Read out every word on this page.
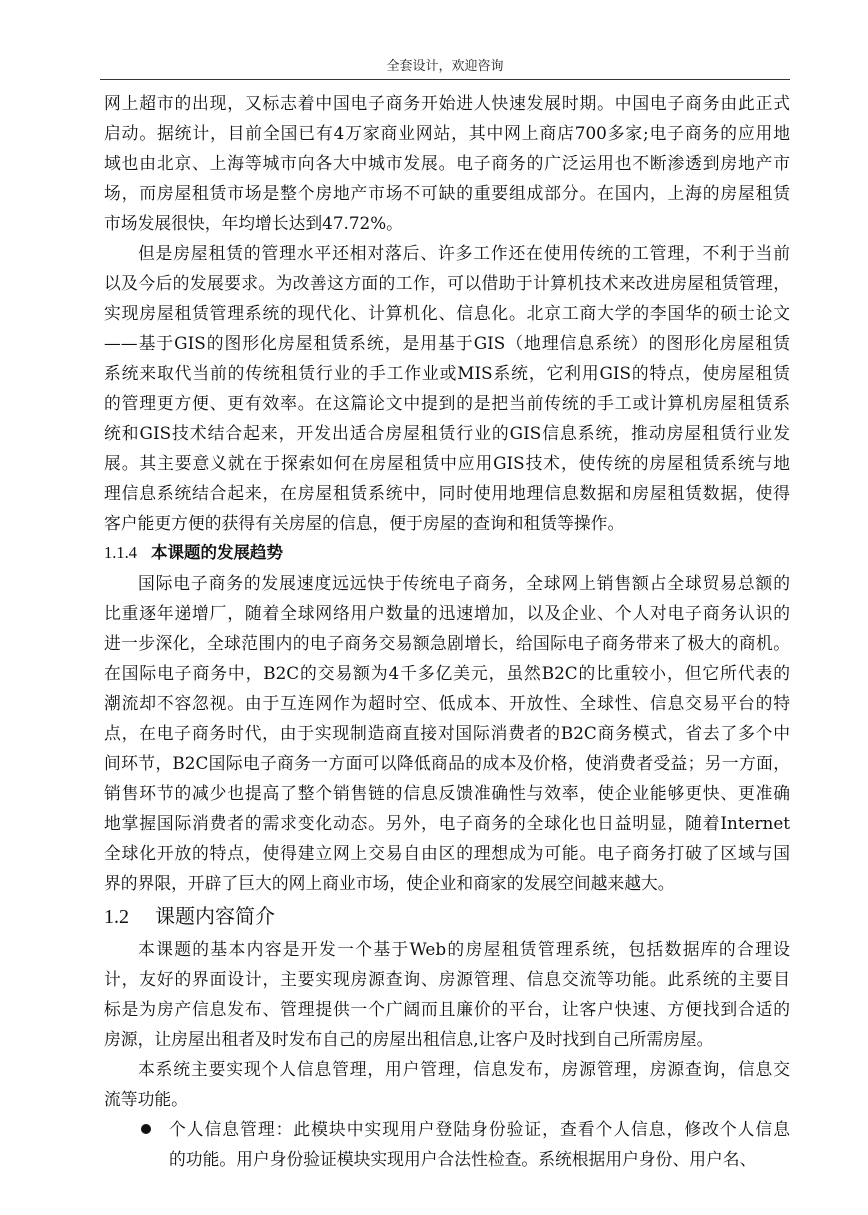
全套设计，欢迎咨询
网上超市的出现，又标志着中国电子商务开始进人快速发展时期。中国电子商务由此正式
启动。据统计，目前全国已有4万家商业网站，其中网上商店700多家;电子商务的应用地
域也由北京、上海等城市向各大中城市发展。电子商务的广泛运用也不断渗透到房地产市
场，而房屋租赁市场是整个房地产市场不可缺的重要组成部分。在国内，上海的房屋租赁
市场发展很快，年均增长达到47.72%。
但是房屋租赁的管理水平还相对落后、许多工作还在使用传统的工管理，不利于当前
以及今后的发展要求。为改善这方面的工作，可以借助于计算机技术来改进房屋租赁管理，
实现房屋租赁管理系统的现代化、计算机化、信息化。北京工商大学的李国华的硕士论文
——基于GIS的图形化房屋租赁系统，是用基于GIS（地理信息系统）的图形化房屋租赁
系统来取代当前的传统租赁行业的手工作业或MIS系统，它利用GIS的特点，使房屋租赁
的管理更方便、更有效率。在这篇论文中提到的是把当前传统的手工或计算机房屋租赁系
统和GIS技术结合起来，开发出适合房屋租赁行业的GIS信息系统，推动房屋租赁行业发
展。其主要意义就在于探索如何在房屋租赁中应用GIS技术，使传统的房屋租赁系统与地
理信息系统结合起来，在房屋租赁系统中，同时使用地理信息数据和房屋租赁数据，使得
客户能更方便的获得有关房屋的信息，便于房屋的查询和租赁等操作。
1.1.4 本课题的发展趋势
国际电子商务的发展速度远远快于传统电子商务，全球网上销售额占全球贸易总额的
比重逐年递增厂，随着全球网络用户数量的迅速增加，以及企业、个人对电子商务认识的
进一步深化，全球范围内的电子商务交易额急剧增长，给国际电子商务带来了极大的商机。
在国际电子商务中，B2C的交易额为4千多亿美元，虽然B2C的比重较小，但它所代表的
潮流却不容忽视。由于互连网作为超时空、低成本、开放性、全球性、信息交易平台的特
点，在电子商务时代，由于实现制造商直接对国际消费者的B2C商务模式，省去了多个中
间环节，B2C国际电子商务一方面可以降低商品的成本及价格，使消费者受益；另一方面，
销售环节的减少也提高了整个销售链的信息反馈准确性与效率，使企业能够更快、更准确
地掌握国际消费者的需求变化动态。另外，电子商务的全球化也日益明显，随着Internet
全球化开放的特点，使得建立网上交易自由区的理想成为可能。电子商务打破了区域与国
界的界限，开辟了巨大的网上商业市场，使企业和商家的发展空间越来越大。
1.2 课题内容简介
本课题的基本内容是开发一个基于Web的房屋租赁管理系统，包括数据库的合理设
计，友好的界面设计，主要实现房源查询、房源管理、信息交流等功能。此系统的主要目
标是为房产信息发布、管理提供一个广阔而且廉价的平台，让客户快速、方便找到合适的
房源，让房屋出租者及时发布自己的房屋出租信息,让客户及时找到自己所需房屋。
本系统主要实现个人信息管理，用户管理，信息发布，房源管理，房源查询，信息交
流等功能。
个人信息管理：此模块中实现用户登陆身份验证，查看个人信息，修改个人信息
的功能。用户身份验证模块实现用户合法性检查。系统根据用户身份、用户名、
